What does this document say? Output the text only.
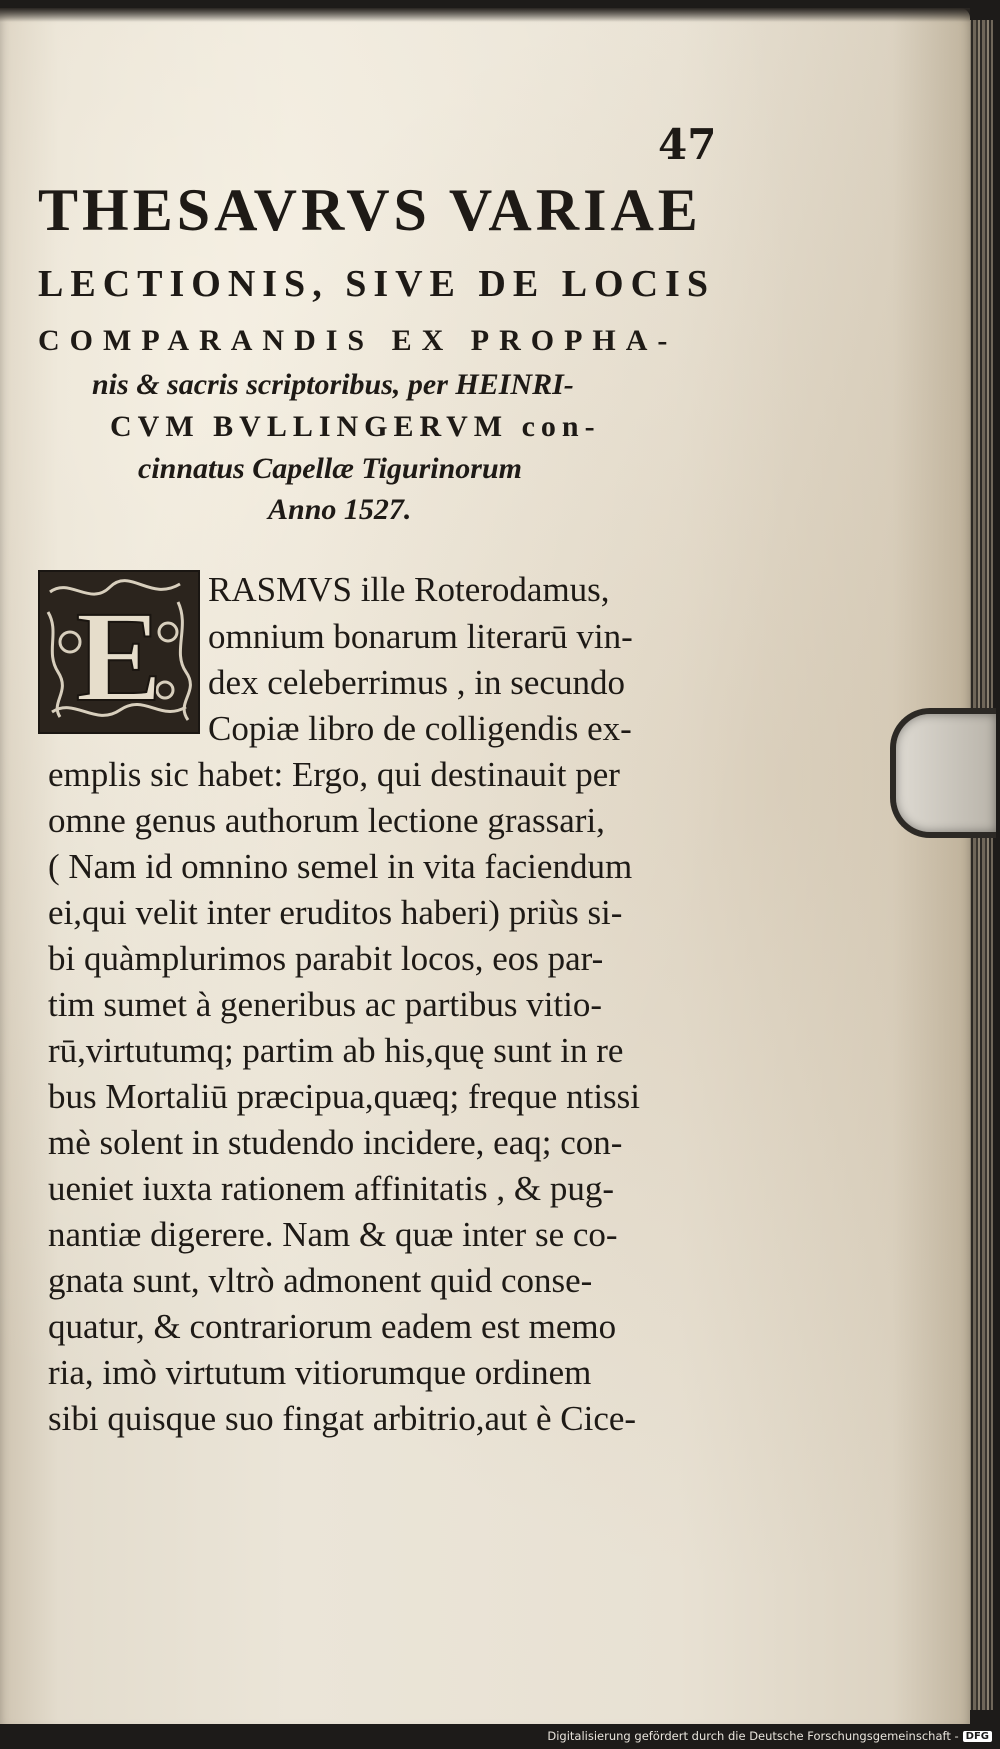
47
THESAVRVS VARIAE
LECTIONIS, SIVE DE LOCIS
COMPARANDIS EX PROPHA-
nis & sacris scriptoribus, per HEINRI-
CVM BVLLINGERVM con-
cinnatus Capellæ Tigurinorum
Anno 1527.
E RASMVS ille Roterodamus,
omnium bonarum literarū vin-
dex celeberrimus , in secundo
Copiæ libro de colligendis ex-
emplis sic habet: Ergo, qui destinauit per
omne genus authorum lectione grassari,
( Nam id omnino semel in vita faciendum
ei,qui velit inter eruditos haberi) priùs si-
bi quàmplurimos parabit locos, eos par-
tim sumet à generibus ac partibus vitio-
rū,virtutumq; partim ab his,quę sunt in re
bus Mortaliū præcipua,quæq; freque ntissi
mè solent in studendo incidere, eaq; con-
ueniet iuxta rationem affinitatis , & pug-
nantiæ digerere. Nam & quæ inter se co-
gnata sunt, vltrò admonent quid conse-
quatur, & contrariorum eadem est memo
ria, imò virtutum vitiorumque ordinem
sibi quisque suo fingat arbitrio,aut è Cice-
Digitalisierung gefördert durch die Deutsche Forschungsgemeinschaft - DFG
